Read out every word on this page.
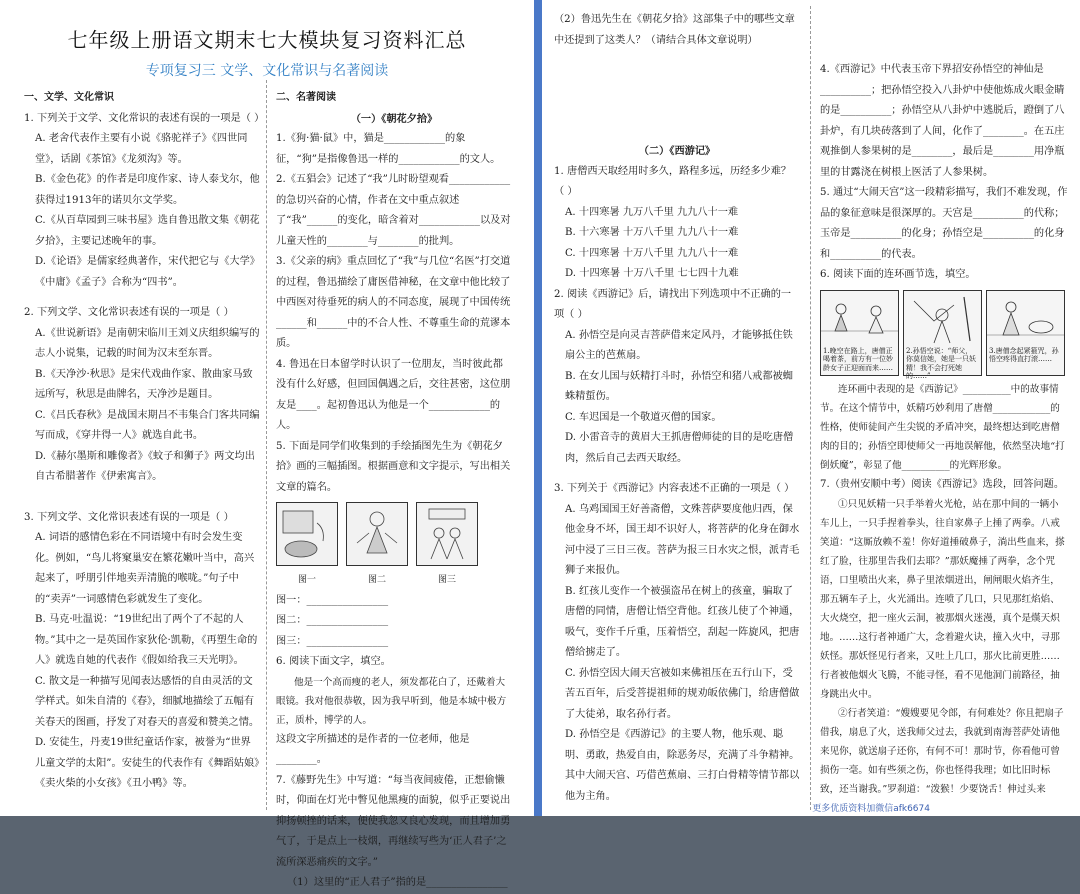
七年级上册语文期末七大模块复习资料汇总
专项复习三 文学、文化常识与名著阅读

一、文学、文化常识

1. 下列关于文学、文化常识的表述有误的一项是（ ）

A. 老舍代表作主要有小说《骆驼祥子》《四世同堂》，话剧《茶馆》《龙须沟》等。

B.《金色花》的作者是印度作家、诗人泰戈尔，他获得过1913年的诺贝尔文学奖。

C.《从百草园到三味书屋》选自鲁迅散文集《朝花夕拾》，主要记述晚年的事。

D.《论语》是儒家经典著作，宋代把它与《大学》《中庸》《孟子》合称为“四书”。

2. 下列文学、文化常识表述有误的一项是（ ）

A.《世说新语》是南朝宋临川王刘义庆组织编写的志人小说集，记载的时间为汉末至东晋。

B.《天净沙·秋思》是宋代戏曲作家、散曲家马致远所写，秋思是曲牌名，天净沙是题目。

C.《吕氏春秋》是战国末期吕不韦集合门客共同编写而成，《穿井得一人》就选自此书。

D.《赫尔墨斯和雕像者》《蚊子和狮子》两文均出自古希腊著作《伊索寓言》。

3. 下列文学、文化常识表述有误的一项是（ ）

A. 词语的感情色彩在不同语境中有时会发生变化。例如，“鸟儿将窠巢安在繁花嫩叶当中，高兴起来了，呼朋引伴地卖弄清脆的喉咙。”句子中的“卖弄”一词感情色彩就发生了变化。

B. 马克·吐温说：“19世纪出了两个了不起的人物。”其中之一是英国作家狄伦·凯勒，《再塑生命的人》就选自她的代表作《假如给我三天光明》。

C. 散文是一种描写见闻表达感悟的自由灵活的文学样式。如朱自清的《春》，细腻地描绘了五幅有关春天的图画，抒发了对春天的喜爱和赞美之情。

D. 安徒生，丹麦19世纪童话作家，被誉为“世界儿童文学的太阳”。安徒生的代表作有《舞蹈姑娘》《卖火柴的小女孩》《丑小鸭》等。

二、名著阅读

（一）《朝花夕拾》

1.《狗·猫·鼠》中，猫是____________的象征，“狗”是指像鲁迅一样的____________的文人。

2.《五猖会》记述了“我”儿时盼望观看____________的急切兴奋的心情，作者在文中重点叙述了“我”______的变化，暗含着对____________以及对儿童天性的________与________的批判。

3.《父亲的病》重点回忆了“我”与几位“名医”打交道的过程，鲁迅描绘了庸医借神秘，在文章中他比较了中西医对待垂死的病人的不同态度，展现了中国传统______和______中的不合人性、不尊重生命的荒谬本质。

4. 鲁迅在日本留学时认识了一位朋友，当时彼此都没有什么好感，但回国偶遇之后，交往甚密，这位朋友是____。起初鲁迅认为他是一个____________的人。

5. 下面是同学们收集到的手绘插图先生为《朝花夕拾》画的三幅插图。根据画意和文字提示，写出相关文章的篇名。

图一	图二	图三

图一：________________

图二：________________

图三：________________

6. 阅读下面文字，填空。

他是一个高而瘦的老人，须发都花白了，还戴着大眼镜。我对他很恭敬，因为我早听到，他是本城中极方正，质朴，博学的人。

这段文字所描述的是作者的一位老师，他是________。

7.《藤野先生》中写道：“每当夜间疲倦，正想偷懒时，仰面在灯光中瞥见他黑瘦的面貌，似乎正要说出抑扬顿挫的话来，便使我忽又良心发现，而且增加勇气了，于是点上一枝烟，再继续写些为‘正人君子’之流所深恶痛疾的文字。”

（1）这里的“正人君子”指的是________________

（2）鲁迅先生在《朝花夕拾》这部集子中的哪些文章中还提到了这类人？（请结合具体文章说明）

（二）《西游记》

1. 唐僧西天取经用时多久，路程多远，历经多少难？（ ）

A. 十四寒暑 九万八千里 九九八十一难

B. 十六寒暑 十万八千里 九九八十一难

C. 十四寒暑 十万八千里 九九八十一难

D. 十四寒暑 十万八千里 七七四十九难

2. 阅读《西游记》后，请找出下列选项中不正确的一项（ ）

A. 孙悟空是向灵吉菩萨借来定风丹，才能够抵住铁扇公主的芭蕉扇。

B. 在女儿国与妖精打斗时，孙悟空和猪八戒都被蜘蛛精蜇伤。

C. 车迟国是一个敬道灭僧的国家。

D. 小雷音寺的黄眉大王抓唐僧师徒的目的是吃唐僧肉，然后自己去西天取经。

3. 下列关于《西游记》内容表述不正确的一项是（ ）

A. 乌鸡国国王好善斋僧，文殊菩萨要度他归西，保他金身不坏，国王却不识好人，将菩萨的化身在御水河中浸了三日三夜。菩萨为报三日水灾之恨，派青毛狮子来报仇。

B. 红孩儿变作一个被强盗吊在树上的孩童，骗取了唐僧的同情，唐僧让悟空背他。红孩儿使了个神通，吸气，变作千斤重，压着悟空，刮起一阵旋风，把唐僧给掳走了。

C. 孙悟空因大闹天宫被如来佛祖压在五行山下，受苦五百年，后受菩提祖师的规劝皈依佛门，给唐僧做了大徒弟，取名孙行者。

D. 孙悟空是《西游记》的主要人物，他乐观、聪明、勇敢，热爱自由，除恶务尽，充满了斗争精神。其中大闹天宫、巧借芭蕉扇、三打白骨精等情节都以他为主角。

4.《西游记》中代表玉帝下界招安孙悟空的神仙是__________；把孙悟空投入八卦炉中使他炼成火眼金睛的是__________；孙悟空从八卦炉中逃脱后，蹬倒了八卦炉，有几块砖落到了人间，化作了________。在五庄观推倒人参果树的是________，最后是________用净瓶里的甘露浇在树根上医活了人参果树。

5. 通过“大闹天宫”这一段精彩描写，我们不难发现，作品的象征意味是很深厚的。天宫是__________的代称；玉帝是__________的化身；孙悟空是__________的化身和__________的代表。

6. 阅读下面的连环画节选，填空。

1.晚空在路上，唐僧正喝着茶，前方有一位妙龄女子正迎面而来……
2.孙悟空说：“师父，你莫信她，她是一只妖精！我不会打死她的……”
3.唐僧念起紧箍咒，孙悟空疼得直打滚……

连环画中表现的是《西游记》__________中的故事情节。在这个情节中，妖精巧妙利用了唐僧____________的性格，使师徒间产生尖锐的矛盾冲突，最终想达到吃唐僧肉的目的；孙悟空即使师父一再地误解他，依然坚决地“打倒妖魔”，彰显了他__________的光辉形象。

7.（贵州安顺中考）阅读《西游记》选段，回答问题。

①只见妖精一只手举着火光枪，站在那中间的一辆小车儿上，一只手捏着拳头，往自家鼻子上捶了两拳。八戒笑道：“这厮放赖不羞！你好道捶破鼻子，淌出些血来，搽红了脸，往那里告我们去耶？”那妖魔捶了两拳，念个咒语，口里喷出火来，鼻子里浓烟迸出，闸闸眼火焰齐生，那五辆车子上，火光涌出。连喷了几口，只见那红焰焰、大火烧空，把一座火云洞，被那烟火迷漫，真个是熯天炽地。……这行者神通广大，念着避火诀，撞入火中，寻那妖怪。那妖怪见行者来，又吐上几口，那火比前更胜……行者被他烟火飞腾，不能寻怪，看不见他洞门前路径，抽身跳出火中。

②行者笑道：“嫂嫂要见令郎，有何难处？你且把扇子借我，扇息了火，送我师父过去，我就到南海菩萨处请他来见你，就送扇子还你，有何不可！那时节，你看他可曾损伤一毫。如有些须之伤，你也怪得我理；如比旧时标致，还当谢我。”罗刹道：“泼猴！少要饶舌！伸过头来

更多优质资料加微信afk6674
